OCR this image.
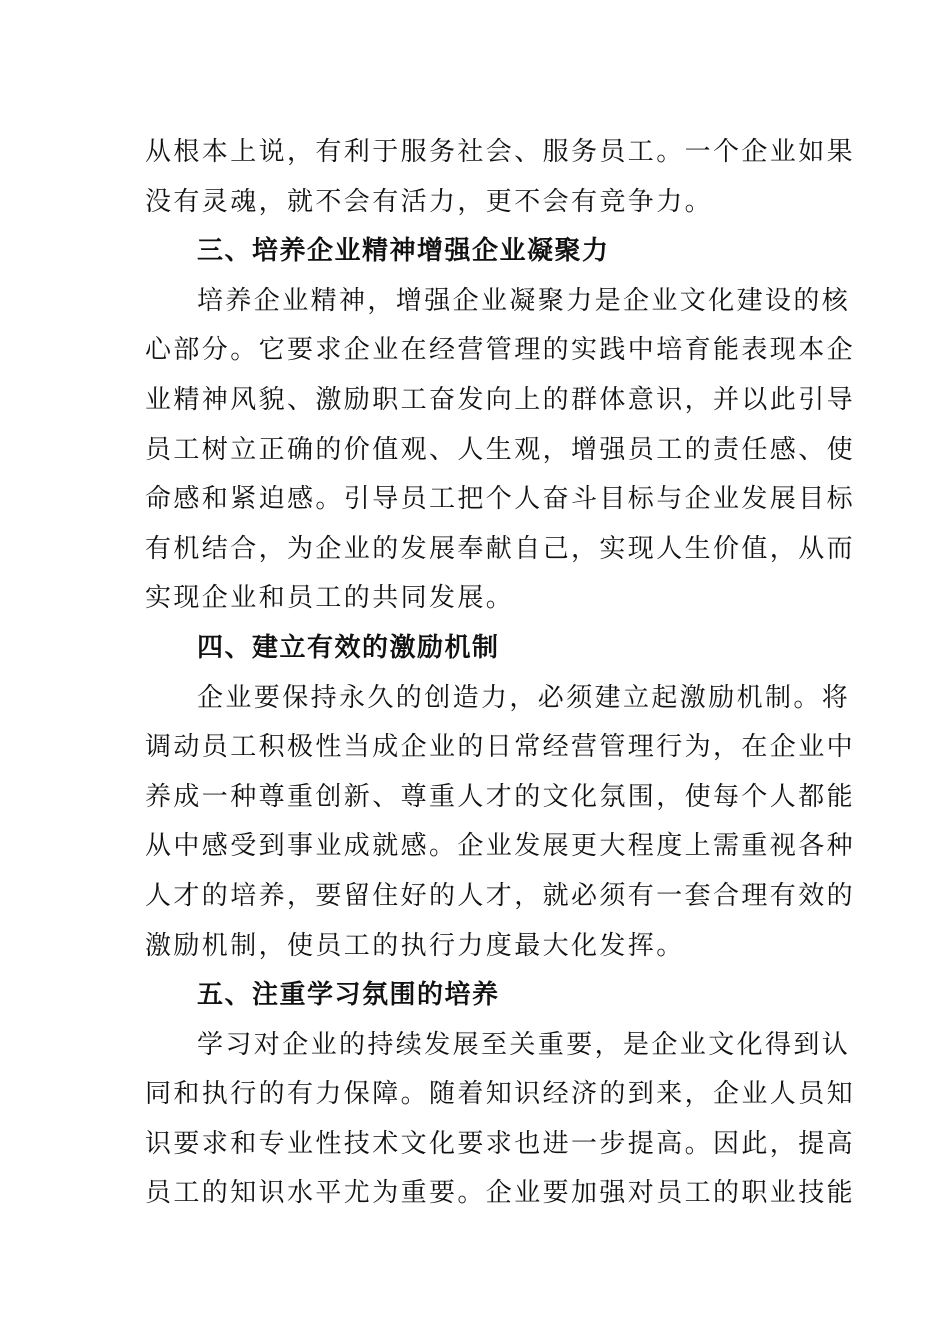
从根本上说，有利于服务社会、服务员工。一个企业如果
没有灵魂，就不会有活力，更不会有竞争力。
三、培养企业精神增强企业凝聚力
培养企业精神，增强企业凝聚力是企业文化建设的核
心部分。它要求企业在经营管理的实践中培育能表现本企
业精神风貌、激励职工奋发向上的群体意识，并以此引导
员工树立正确的价值观、人生观，增强员工的责任感、使
命感和紧迫感。引导员工把个人奋斗目标与企业发展目标
有机结合，为企业的发展奉献自己，实现人生价值，从而
实现企业和员工的共同发展。
四、建立有效的激励机制
企业要保持永久的创造力，必须建立起激励机制。将
调动员工积极性当成企业的日常经营管理行为，在企业中
养成一种尊重创新、尊重人才的文化氛围，使每个人都能
从中感受到事业成就感。企业发展更大程度上需重视各种
人才的培养，要留住好的人才，就必须有一套合理有效的
激励机制，使员工的执行力度最大化发挥。
五、注重学习氛围的培养
学习对企业的持续发展至关重要，是企业文化得到认
同和执行的有力保障。随着知识经济的到来，企业人员知
识要求和专业性技术文化要求也进一步提高。因此，提高
员工的知识水平尤为重要。企业要加强对员工的职业技能
